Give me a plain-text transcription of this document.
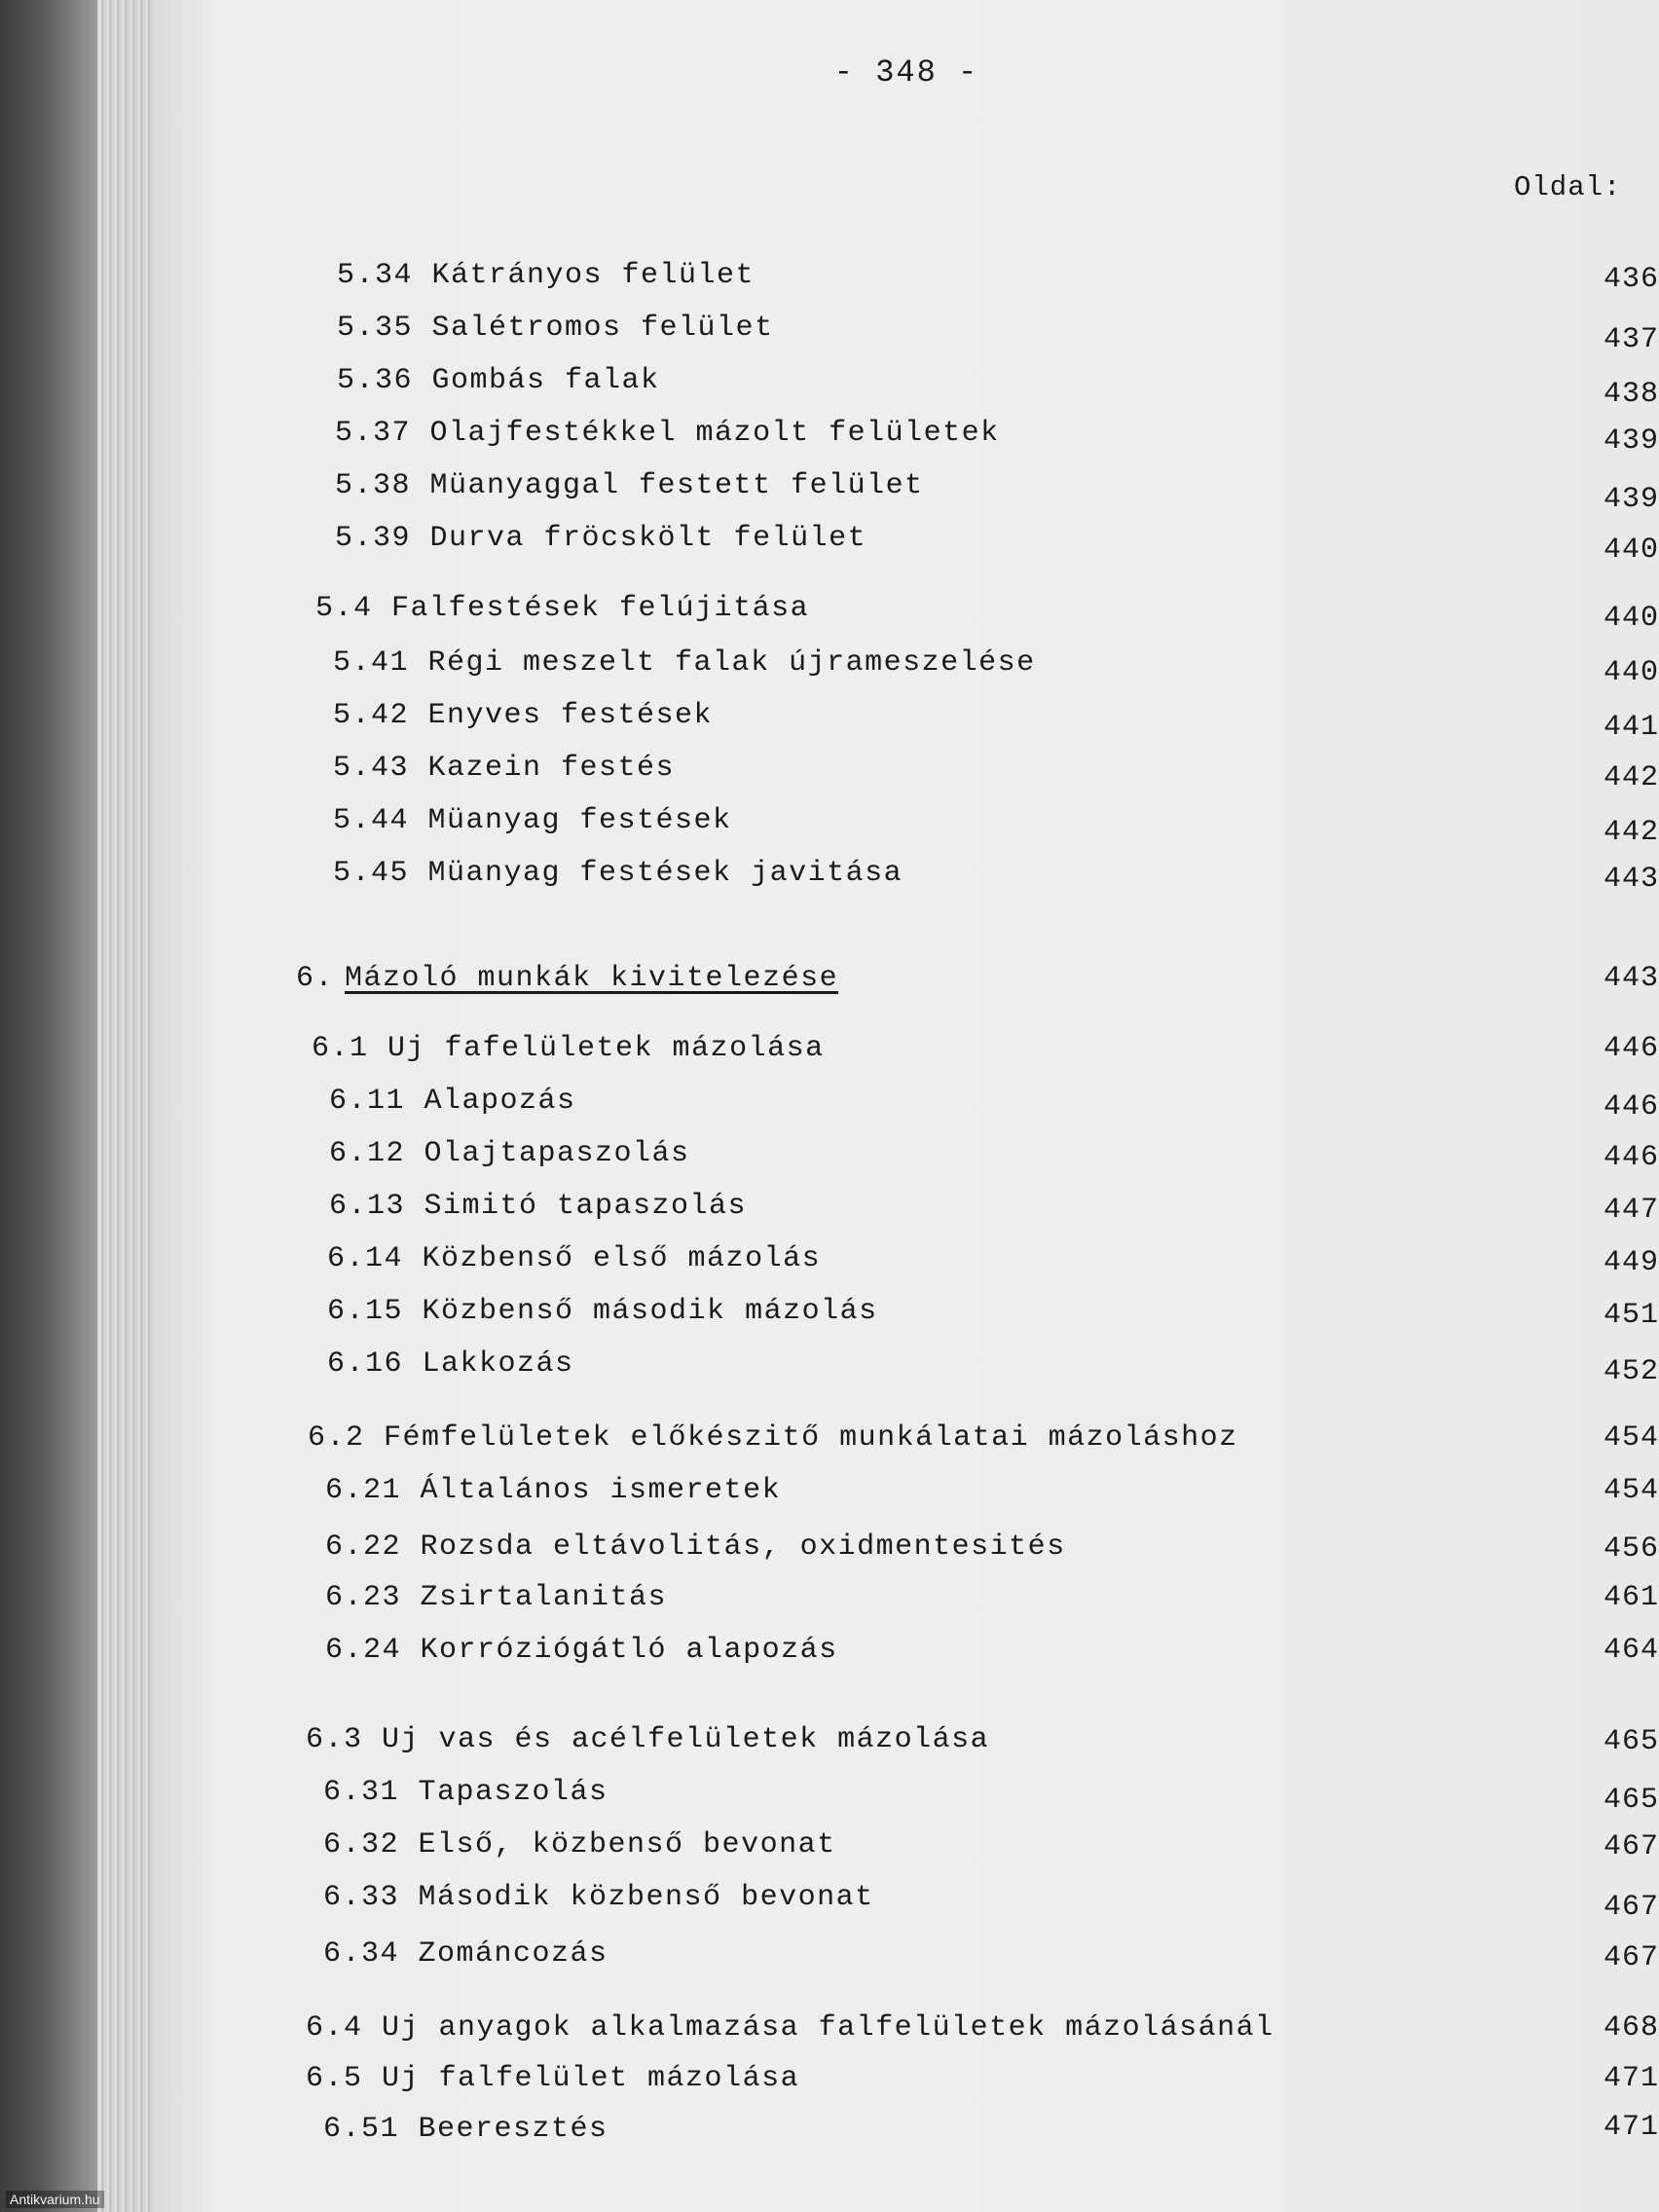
- 348 -
Oldal:
5.34 Kátrányos felület	436
5.35 Salétromos felület	437
5.36 Gombás falak	438
5.37 Olajfestékkel mázolt felületek	439
5.38 Müanyaggal festett felület	439
5.39 Durva fröcskölt felület	440
5.4 Falfestések felújitása	440
5.41 Régi meszelt falak újrameszelése	440
5.42 Enyves festések	441
5.43 Kazein festés	442
5.44 Müanyag festések	442
5.45 Müanyag festések javitása	443
6. Mázoló munkák kivitelezése	443
6.1 Uj fafelületek mázolása	446
6.11 Alapozás	446
6.12 Olajtapaszolás	446
6.13 Simitó tapaszolás	447
6.14 Közbenső első mázolás	449
6.15 Közbenső második mázolás	451
6.16 Lakkozás	452
6.2 Fémfelületek előkészitő munkálatai mázoláshoz	454
6.21 Általános ismeretek	454
6.22 Rozsda eltávolitás, oxidmentesités	456
6.23 Zsirtalanitás	461
6.24 Korróziógátló alapozás	464
6.3 Uj vas és acélfelületek mázolása	465
6.31 Tapaszolás	465
6.32 Első, közbenső bevonat	467
6.33 Második közbenső bevonat	467
6.34 Zománcozás	467
6.4 Uj anyagok alkalmazása falfelületek mázolásánál	468
6.5 Uj falfelület mázolása	471
6.51 Beeresztés	471
Antikvarium.hu
